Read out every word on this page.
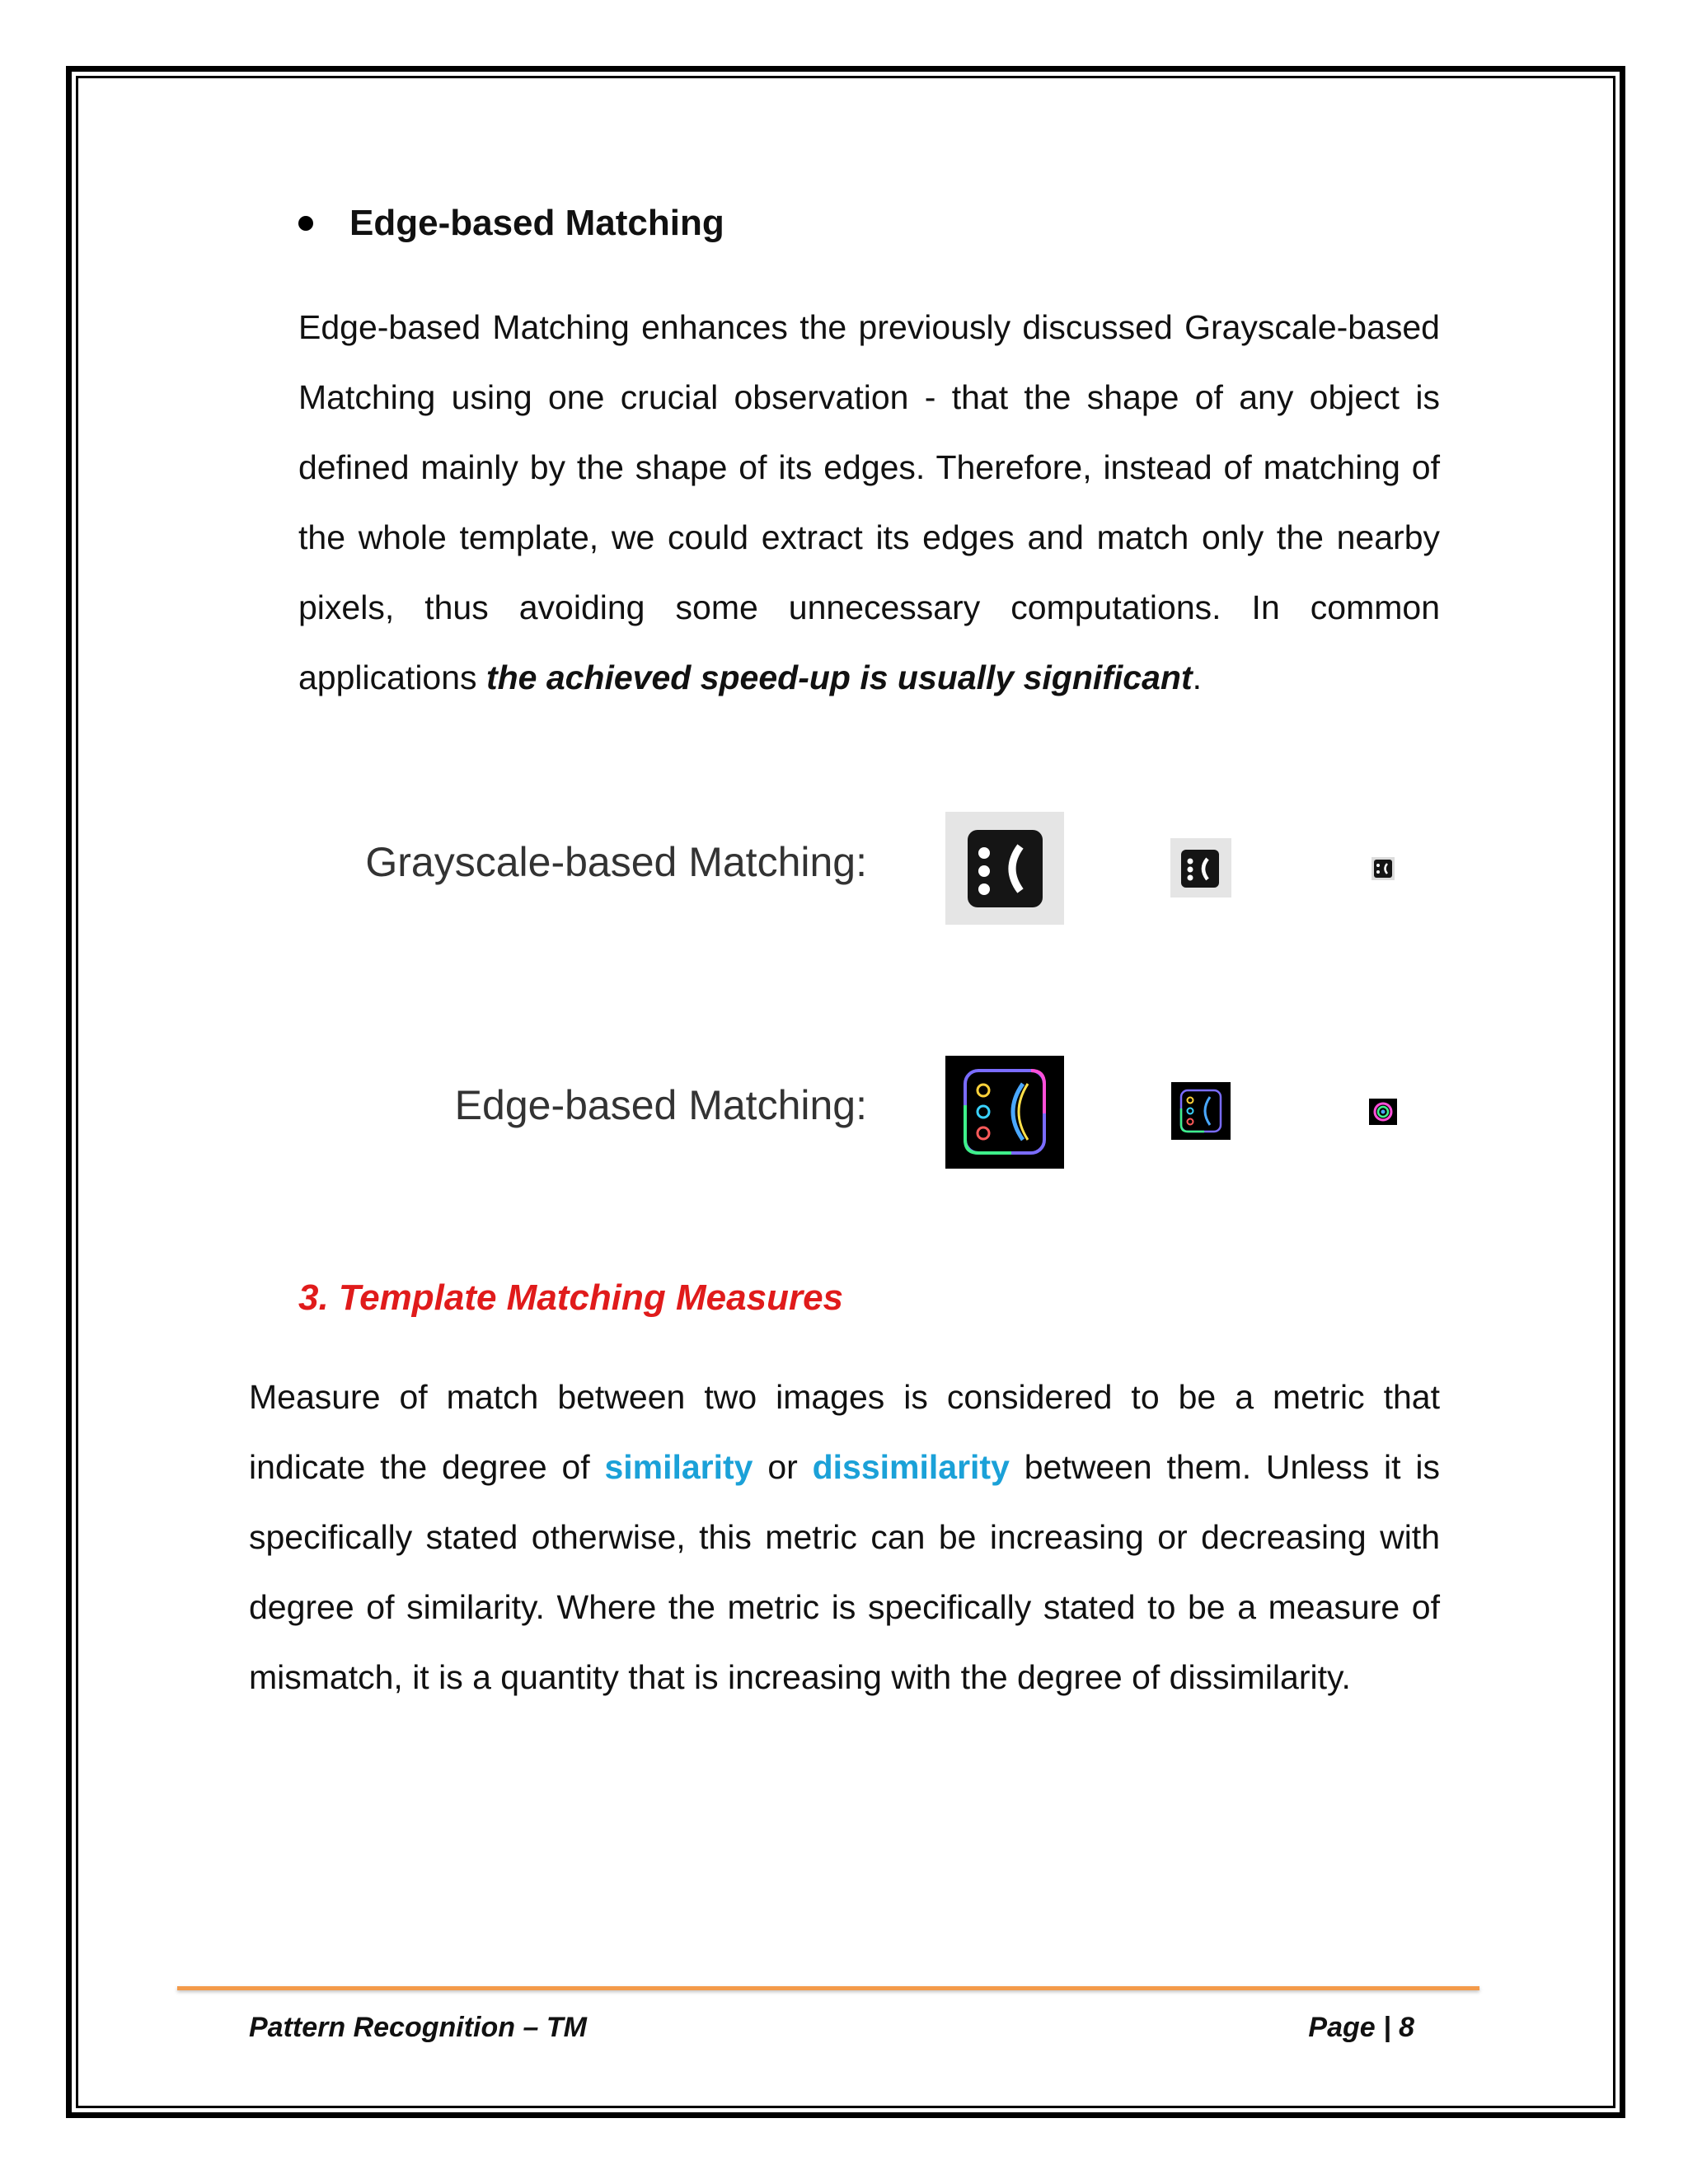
Edge-based Matching
Edge-based Matching enhances the previously discussed Grayscale-based Matching using one crucial observation - that the shape of any object is defined mainly by the shape of its edges. Therefore, instead of matching of the whole template, we could extract its edges and match only the nearby pixels, thus avoiding some unnecessary computations. In common applications the achieved speed-up is usually significant.
Grayscale-based Matching:
Edge-based Matching:
3. Template Matching Measures
Measure of match between two images is considered to be a metric that indicate the degree of similarity or dissimilarity between them. Unless it is specifically stated otherwise, this metric can be increasing or decreasing with degree of similarity. Where the metric is specifically stated to be a measure of mismatch, it is a quantity that is increasing with the degree of dissimilarity.
Pattern Recognition – TM	Page | 8
